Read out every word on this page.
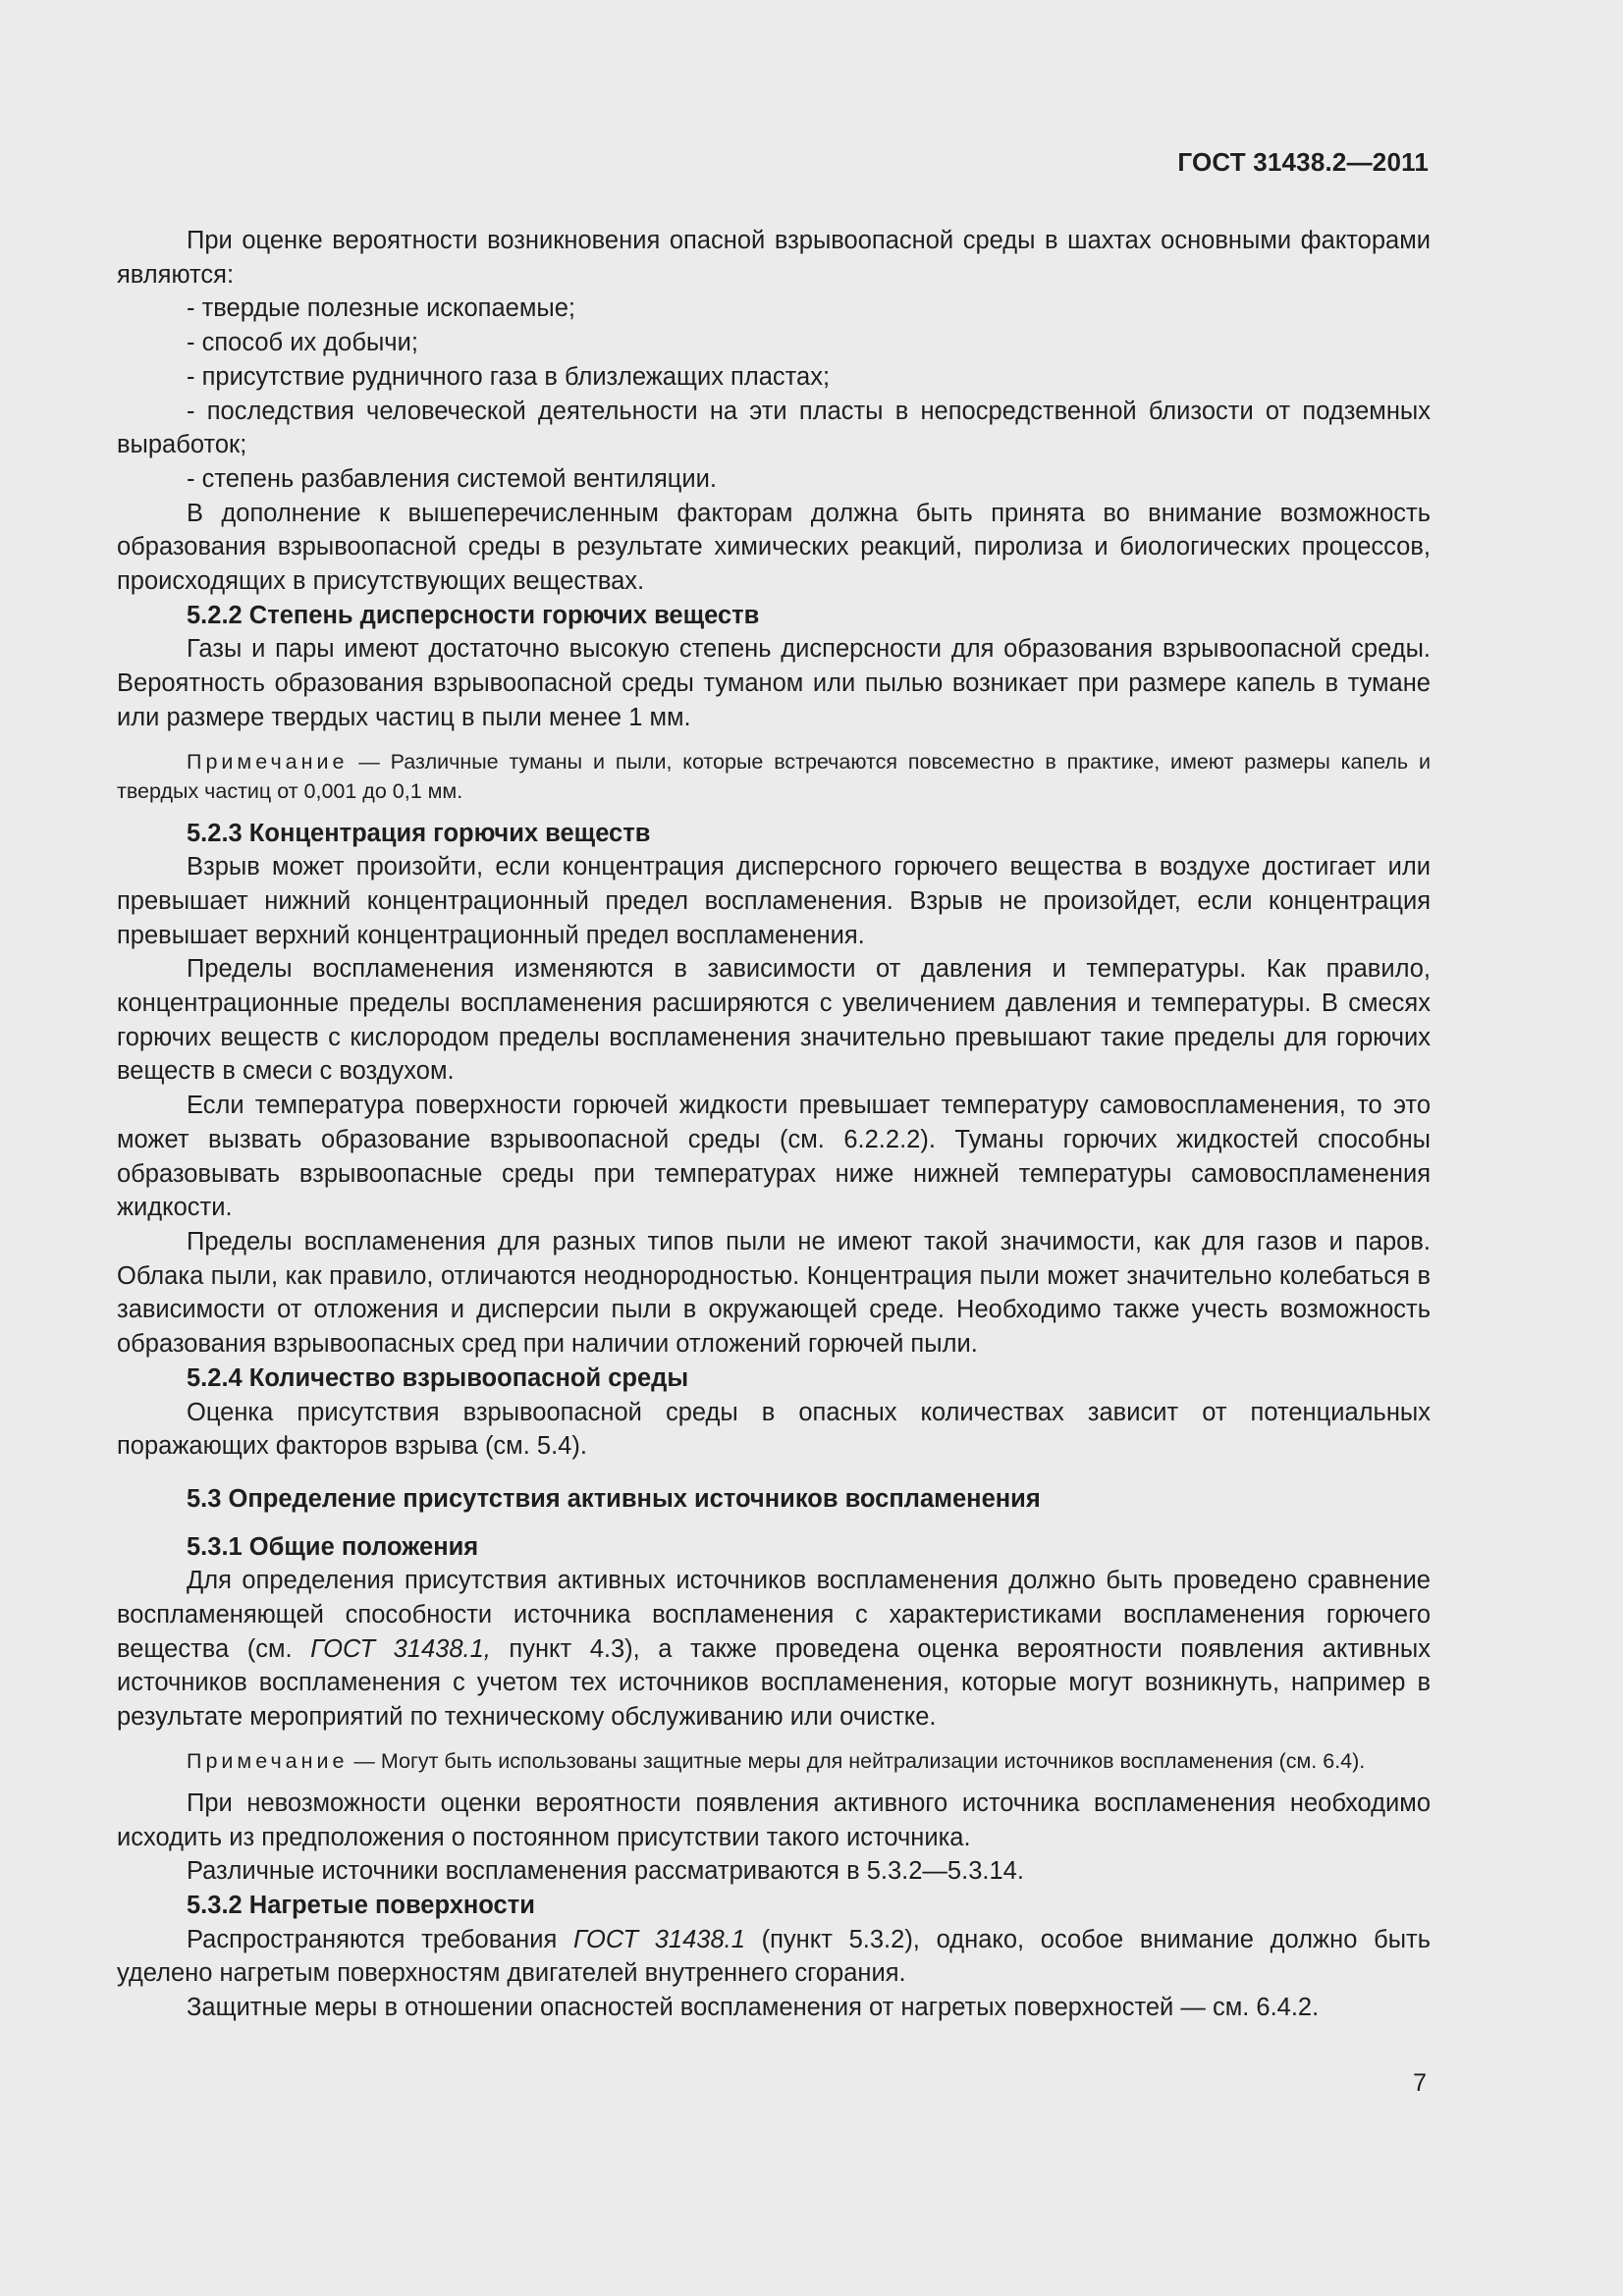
ГОСТ 31438.2—2011

При оценке вероятности возникновения опасной взрывоопасной среды в шахтах основными факторами являются:

- твердые полезные ископаемые;

- способ их добычи;

- присутствие рудничного газа в близлежащих пластах;

- последствия человеческой деятельности на эти пласты в непосредственной близости от подземных выработок;

- степень разбавления системой вентиляции.

В дополнение к вышеперечисленным факторам должна быть принята во внимание возможность образования взрывоопасной среды в результате химических реакций, пиролиза и биологических процессов, происходящих в присутствующих веществах.

5.2.2 Степень дисперсности горючих веществ

Газы и пары имеют достаточно высокую степень дисперсности для образования взрывоопасной среды. Вероятность образования взрывоопасной среды туманом или пылью возникает при размере капель в тумане или размере твердых частиц в пыли менее 1 мм.

Примечание — Различные туманы и пыли, которые встречаются повсеместно в практике, имеют размеры капель и твердых частиц от 0,001 до 0,1 мм.

5.2.3 Концентрация горючих веществ

Взрыв может произойти, если концентрация дисперсного горючего вещества в воздухе достигает или превышает нижний концентрационный предел воспламенения. Взрыв не произойдет, если концентрация превышает верхний концентрационный предел воспламенения.

Пределы воспламенения изменяются в зависимости от давления и температуры. Как правило, концентрационные пределы воспламенения расширяются с увеличением давления и температуры. В смесях горючих веществ с кислородом пределы воспламенения значительно превышают такие пределы для горючих веществ в смеси с воздухом.

Если температура поверхности горючей жидкости превышает температуру самовоспламенения, то это может вызвать образование взрывоопасной среды (см. 6.2.2.2). Туманы горючих жидкостей способны образовывать взрывоопасные среды при температурах ниже нижней температуры самовоспламенения жидкости.

Пределы воспламенения для разных типов пыли не имеют такой значимости, как для газов и паров. Облака пыли, как правило, отличаются неоднородностью. Концентрация пыли может значительно колебаться в зависимости от отложения и дисперсии пыли в окружающей среде. Необходимо также учесть возможность образования взрывоопасных сред при наличии отложений горючей пыли.

5.2.4 Количество взрывоопасной среды

Оценка присутствия взрывоопасной среды в опасных количествах зависит от потенциальных поражающих факторов взрыва (см. 5.4).

5.3 Определение присутствия активных источников воспламенения

5.3.1 Общие положения

Для определения присутствия активных источников воспламенения должно быть проведено сравнение воспламеняющей способности источника воспламенения с характеристиками воспламенения горючего вещества (см. ГОСТ 31438.1, пункт 4.3), а также проведена оценка вероятности появления активных источников воспламенения с учетом тех источников воспламенения, которые могут возникнуть, например в результате мероприятий по техническому обслуживанию или очистке.

Примечание — Могут быть использованы защитные меры для нейтрализации источников воспламенения (см. 6.4).

При невозможности оценки вероятности появления активного источника воспламенения необходимо исходить из предположения о постоянном присутствии такого источника.

Различные источники воспламенения рассматриваются в 5.3.2—5.3.14.

5.3.2 Нагретые поверхности

Распространяются требования ГОСТ 31438.1 (пункт 5.3.2), однако, особое внимание должно быть уделено нагретым поверхностям двигателей внутреннего сгорания.

Защитные меры в отношении опасностей воспламенения от нагретых поверхностей — см. 6.4.2.

7
